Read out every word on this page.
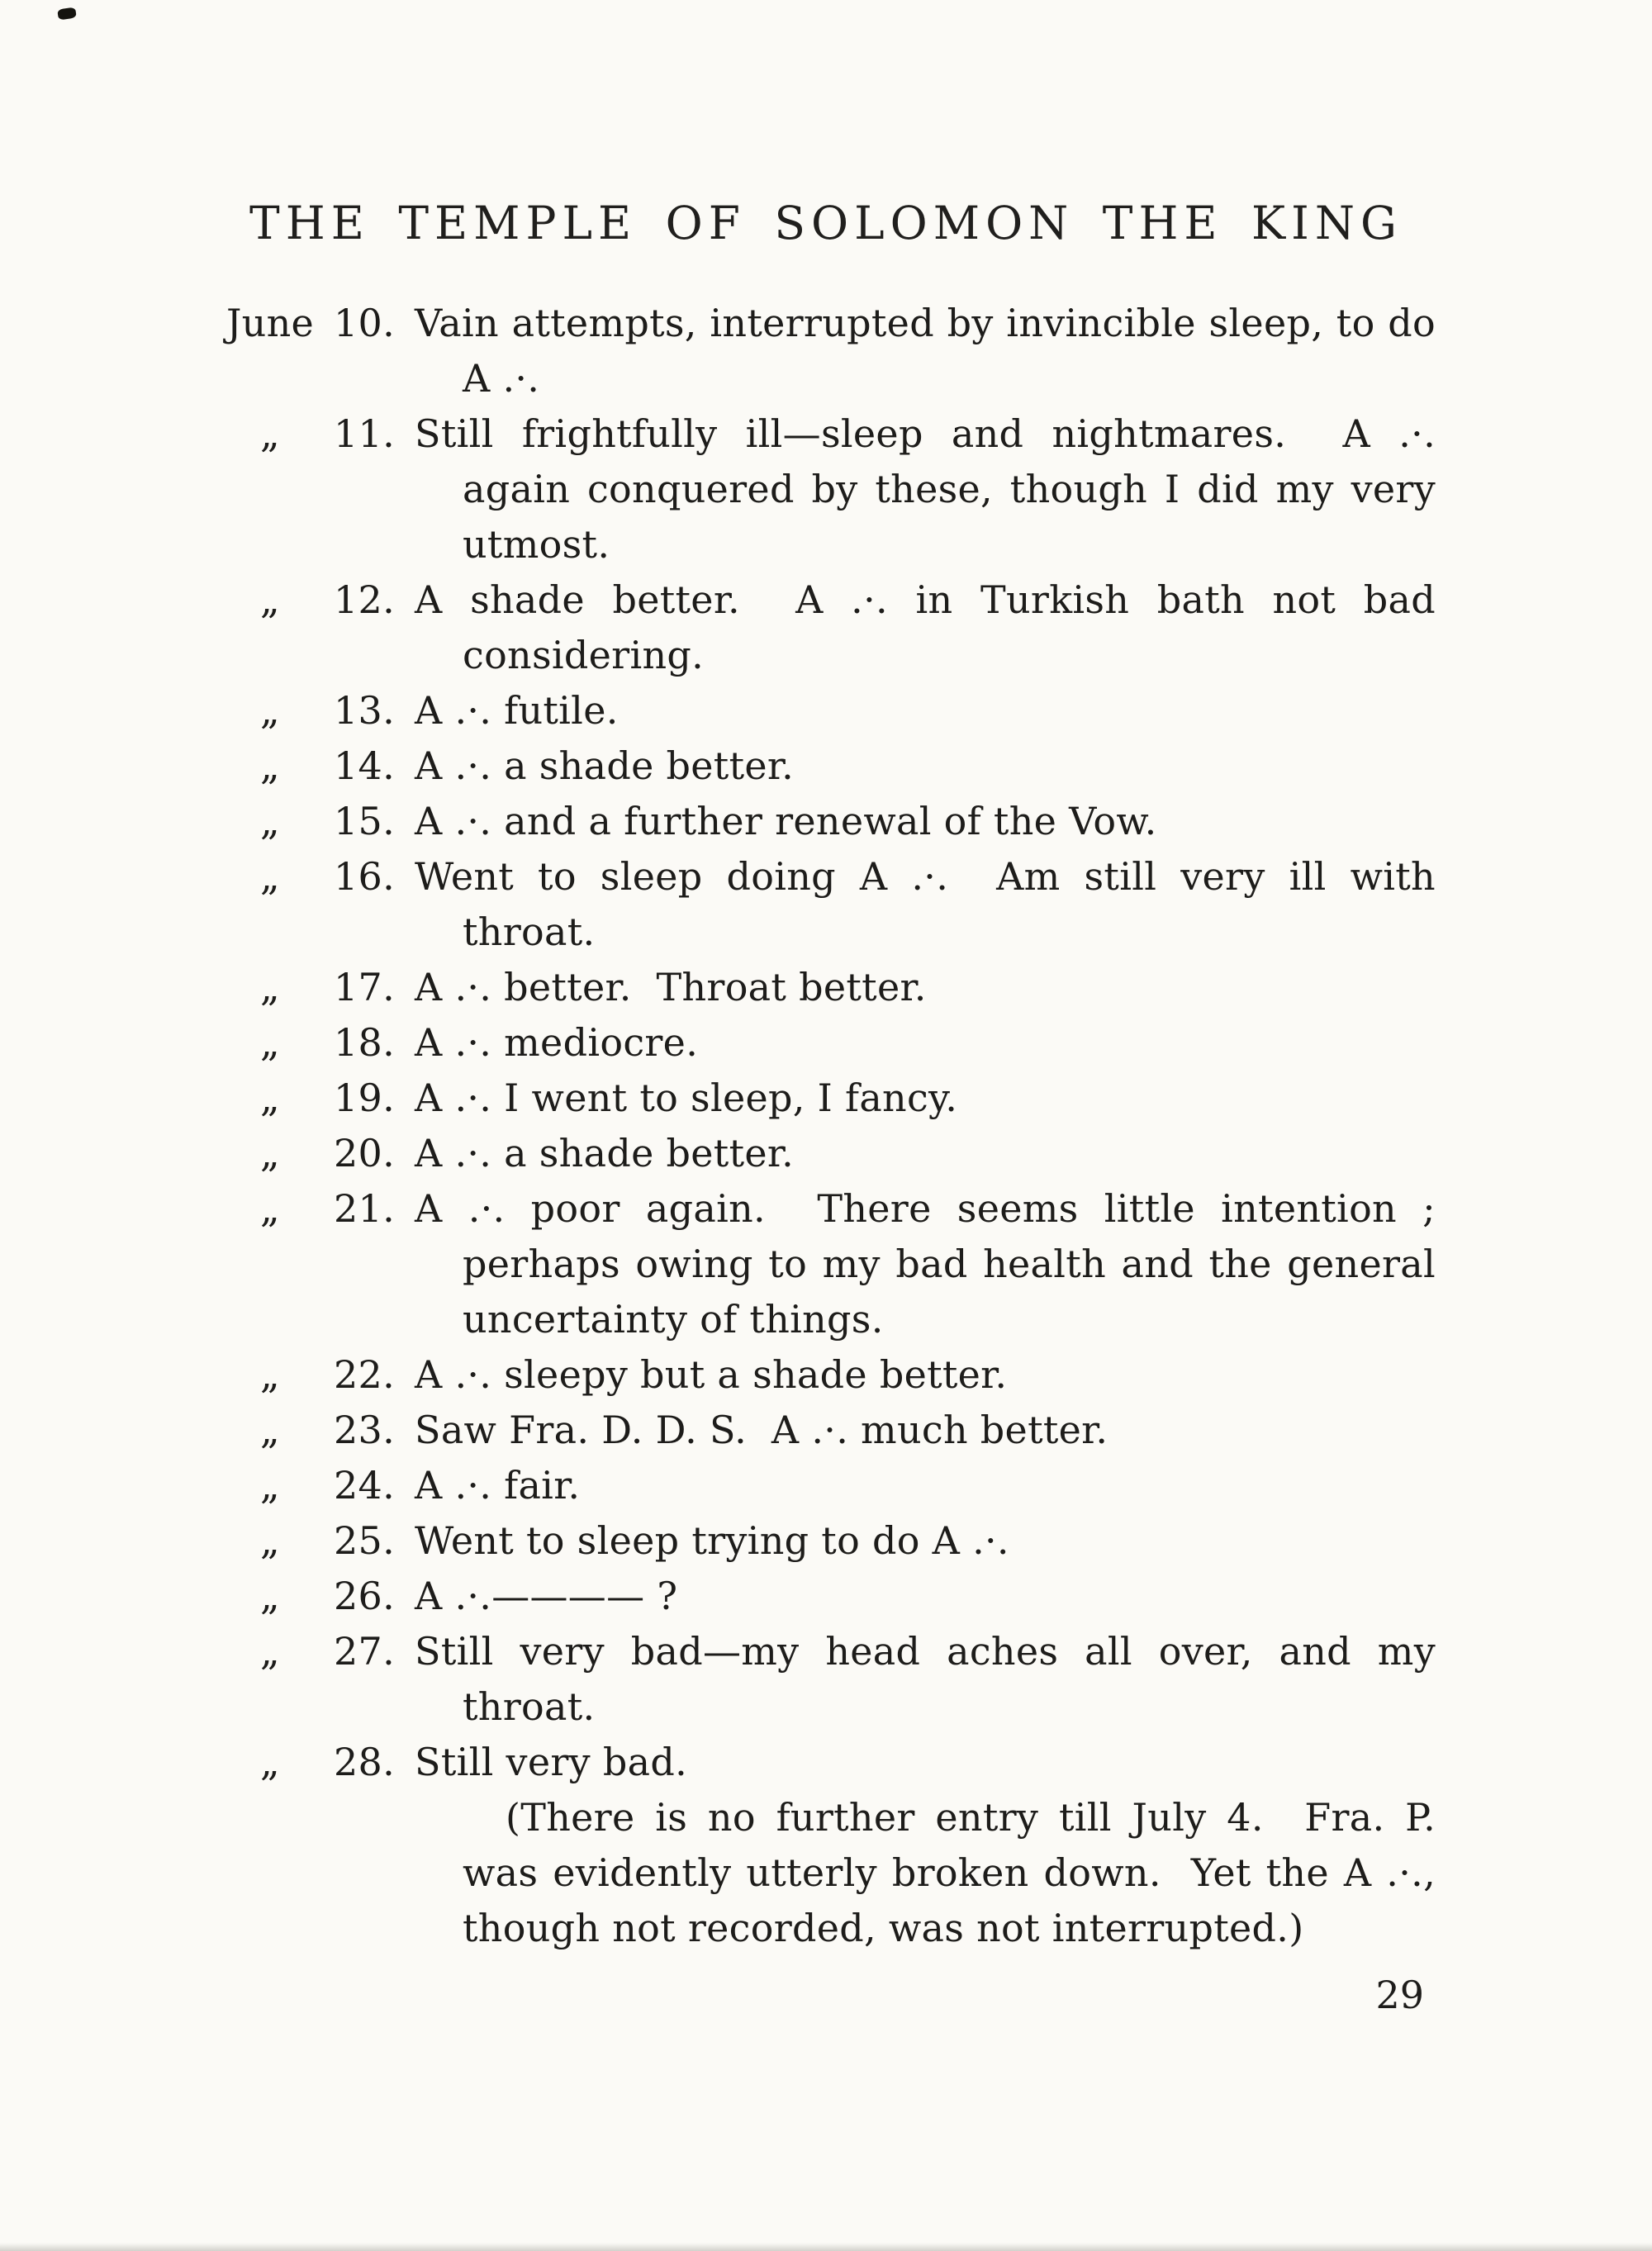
THE TEMPLE OF SOLOMON THE KING
June 10. Vain attempts, interrupted by invincible sleep, to do A .·.
„	11. Still frightfully ill—sleep and nightmares.  A .·. again conquered by these, though I did my very utmost.
„	12. A shade better.  A .·. in Turkish bath not bad considering.
„	13. A .·. futile.
„	14. A .·. a shade better.
„	15. A .·. and a further renewal of the Vow.
„	16. Went to sleep doing A .·.  Am still very ill with throat.
„	17. A .·. better.  Throat better.
„	18. A .·. mediocre.
„	19. A .·. I went to sleep, I fancy.
„	20. A .·. a shade better.
„	21. A .·. poor again.  There seems little intention ; perhaps owing to my bad health and the general uncertainty of things.
„	22. A .·. sleepy but a shade better.
„	23. Saw Fra. D. D. S.  A .·. much better.
„	24. A .·. fair.
„	25. Went to sleep trying to do A .·.
„	26. A .·.———— ?
„	27. Still very bad—my head aches all over, and my throat.
„	28. Still very bad.

(There is no further entry till July 4.  Fra. P. was evidently utterly broken down.  Yet the A .·., though not recorded, was not interrupted.)

29
